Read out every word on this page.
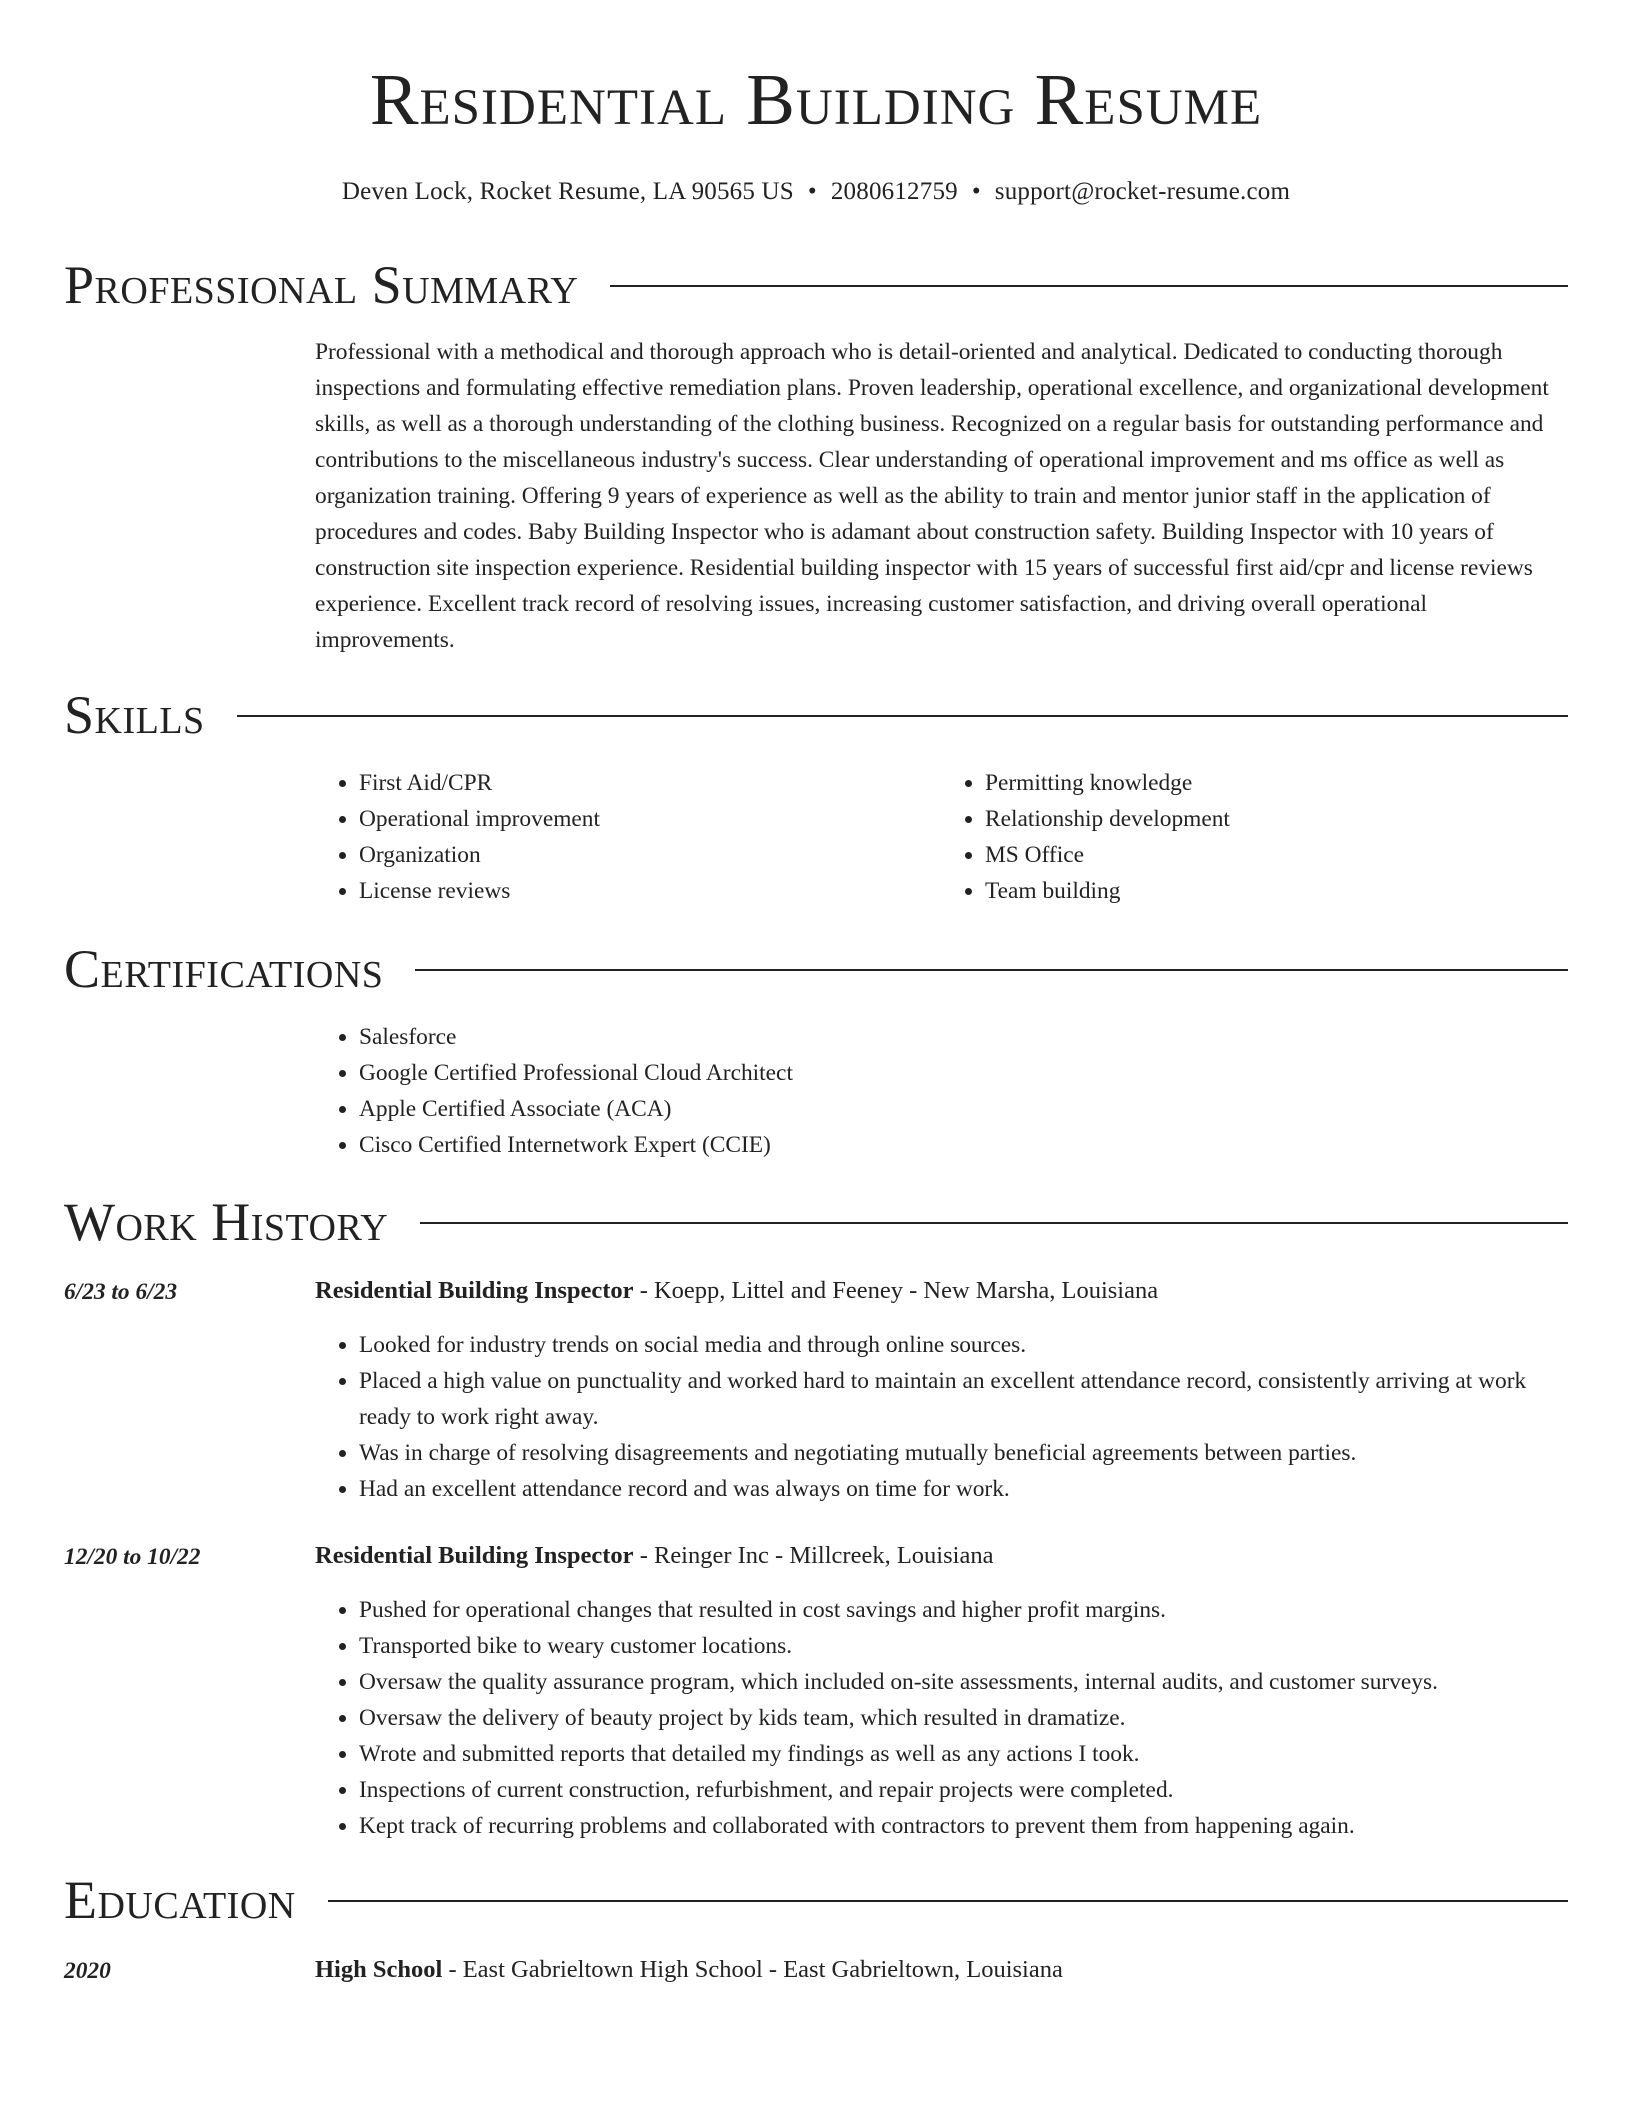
Residential Building Resume
Deven Lock, Rocket Resume, LA 90565 US • 2080612759 • support@rocket-resume.com
Professional Summary

Professional with a methodical and thorough approach who is detail-oriented and analytical. Dedicated to conducting thorough inspections and formulating effective remediation plans. Proven leadership, operational excellence, and organizational development skills, as well as a thorough understanding of the clothing business. Recognized on a regular basis for outstanding performance and contributions to the miscellaneous industry's success. Clear understanding of operational improvement and ms office as well as organization training. Offering 9 years of experience as well as the ability to train and mentor junior staff in the application of procedures and codes. Baby Building Inspector who is adamant about construction safety. Building Inspector with 10 years of construction site inspection experience. Residential building inspector with 15 years of successful first aid/cpr and license reviews experience. Excellent track record of resolving issues, increasing customer satisfaction, and driving overall operational improvements.

Skills
• First Aid/CPR
• Operational improvement
• Organization
• License reviews
• Permitting knowledge
• Relationship development
• MS Office
• Team building
Certifications
• Salesforce
• Google Certified Professional Cloud Architect
• Apple Certified Associate (ACA)
• Cisco Certified Internetwork Expert (CCIE)
Work History
6/23 to 6/23	Residential Building Inspector - Koepp, Littel and Feeney - New Marsha, Louisiana
• Looked for industry trends on social media and through online sources.
• Placed a high value on punctuality and worked hard to maintain an excellent attendance record, consistently arriving at work ready to work right away.
• Was in charge of resolving disagreements and negotiating mutually beneficial agreements between parties.
• Had an excellent attendance record and was always on time for work.
12/20 to 10/22	Residential Building Inspector - Reinger Inc - Millcreek, Louisiana
• Pushed for operational changes that resulted in cost savings and higher profit margins.
• Transported bike to weary customer locations.
• Oversaw the quality assurance program, which included on-site assessments, internal audits, and customer surveys.
• Oversaw the delivery of beauty project by kids team, which resulted in dramatize.
• Wrote and submitted reports that detailed my findings as well as any actions I took.
• Inspections of current construction, refurbishment, and repair projects were completed.
• Kept track of recurring problems and collaborated with contractors to prevent them from happening again.
Education
2020	High School - East Gabrieltown High School - East Gabrieltown, Louisiana
